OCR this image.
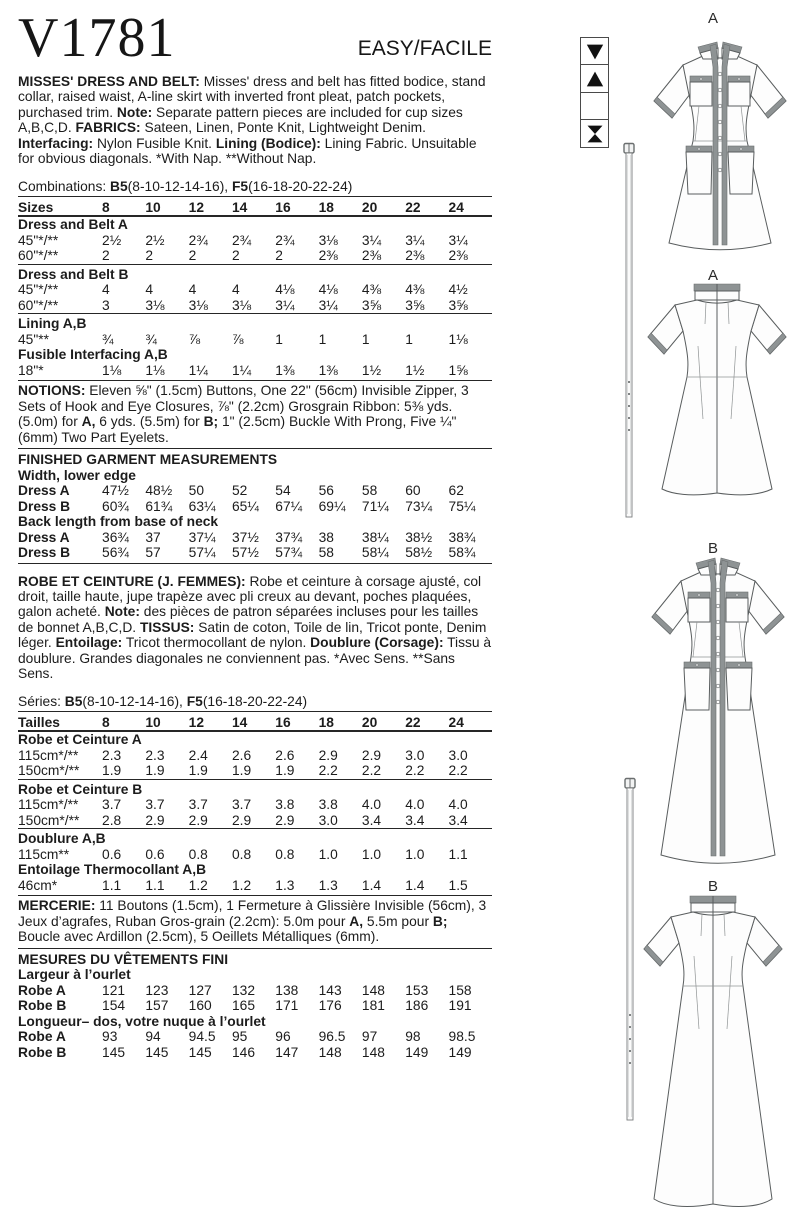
V1781	EASY/FACILE

MISSES' DRESS AND BELT: Misses' dress and belt has fitted bodice, stand collar, raised waist, A-line skirt with inverted front pleat, patch pockets, purchased trim. Note: Separate pattern pieces are included for cup sizes A,B,C,D. FABRICS: Sateen, Linen, Ponte Knit, Lightweight Denim. Interfacing: Nylon Fusible Knit. Lining (Bodice): Lining Fabric. Unsuitable for obvious diagonals. *With Nap. **Without Nap.

Combinations: B5(8-10-12-14-16), F5(16-18-20-22-24)
Sizes	8	10	12	14	16	18	20	22	24
Dress and Belt A									
45"*/**	2½	2½	2¾	2¾	2¾	3⅛	3¼	3¼	3¼
60"*/**	2	2	2	2	2	2⅜	2⅜	2⅜	2⅜
Dress and Belt B									
45"*/**	4	4	4	4	4⅛	4⅛	4⅜	4⅜	4½
60"*/**	3	3⅛	3⅛	3⅛	3¼	3¼	3⅝	3⅝	3⅝
Lining A,B									
45"**	¾	¾	⅞	⅞	1	1	1	1	1⅛
Fusible Interfacing A,B									
18"*	1⅛	1⅛	1¼	1¼	1⅜	1⅜	1½	1½	1⅝

NOTIONS: Eleven ⅝" (1.5cm) Buttons, One 22" (56cm) Invisible Zipper, 3 Sets of Hook and Eye Closures, ⅞" (2.2cm) Grosgrain Ribbon: 5⅜ yds. (5.0m) for A, 6 yds. (5.5m) for B; 1" (2.5cm) Buckle With Prong, Five ¼" (6mm) Two Part Eyelets.

FINISHED GARMENT MEASUREMENTS
Width, lower edge									
Dress A	47½	48½	50	52	54	56	58	60	62
Dress B	60¾	61¾	63¼	65¼	67¼	69¼	71¼	73¼	75¼
Back length from base of neck									
Dress A	36¾	37	37¼	37½	37¾	38	38¼	38½	38¾
Dress B	56¾	57	57¼	57½	57¾	58	58¼	58½	58¾

ROBE ET CEINTURE (J. FEMMES): Robe et ceinture à corsage ajusté, col droit, taille haute, jupe trapèze avec pli creux au devant, poches plaquées, galon acheté. Note: des pièces de patron séparées incluses pour les tailles de bonnet A,B,C,D. TISSUS: Satin de coton, Toile de lin, Tricot ponte, Denim léger. Entoilage: Tricot thermocollant de nylon. Doublure (Corsage): Tissu à doublure. Grandes diagonales ne conviennent pas. *Avec Sens. **Sans Sens.

Séries: B5(8-10-12-14-16), F5(16-18-20-22-24)
Tailles	8	10	12	14	16	18	20	22	24
Robe et Ceinture A									
115cm*/**	2.3	2.3	2.4	2.6	2.6	2.9	2.9	3.0	3.0
150cm*/**	1.9	1.9	1.9	1.9	1.9	2.2	2.2	2.2	2.2
Robe et Ceinture B									
115cm*/**	3.7	3.7	3.7	3.7	3.8	3.8	4.0	4.0	4.0
150cm*/**	2.8	2.9	2.9	2.9	2.9	3.0	3.4	3.4	3.4
Doublure A,B									
115cm**	0.6	0.6	0.8	0.8	0.8	1.0	1.0	1.0	1.1
Entoilage Thermocollant A,B									
46cm*	1.1	1.1	1.2	1.2	1.3	1.3	1.4	1.4	1.5

MERCERIE: 11 Boutons (1.5cm), 1 Fermeture à Glissière Invisible (56cm), 3 Jeux d’agrafes, Ruban Gros-grain (2.2cm): 5.0m pour A, 5.5m pour B; Boucle avec Ardillon (2.5cm), 5 Oeillets Métalliques (6mm).

MESURES DU VÊTEMENTS FINI
Largeur à l’ourlet									
Robe A	121	123	127	132	138	143	148	153	158
Robe B	154	157	160	165	171	176	181	186	191
Longueur– dos, votre nuque à l’ourlet									
Robe A	93	94	94.5	95	96	96.5	97	98	98.5
Robe B	145	145	145	146	147	148	148	149	149
A
A
B
B
